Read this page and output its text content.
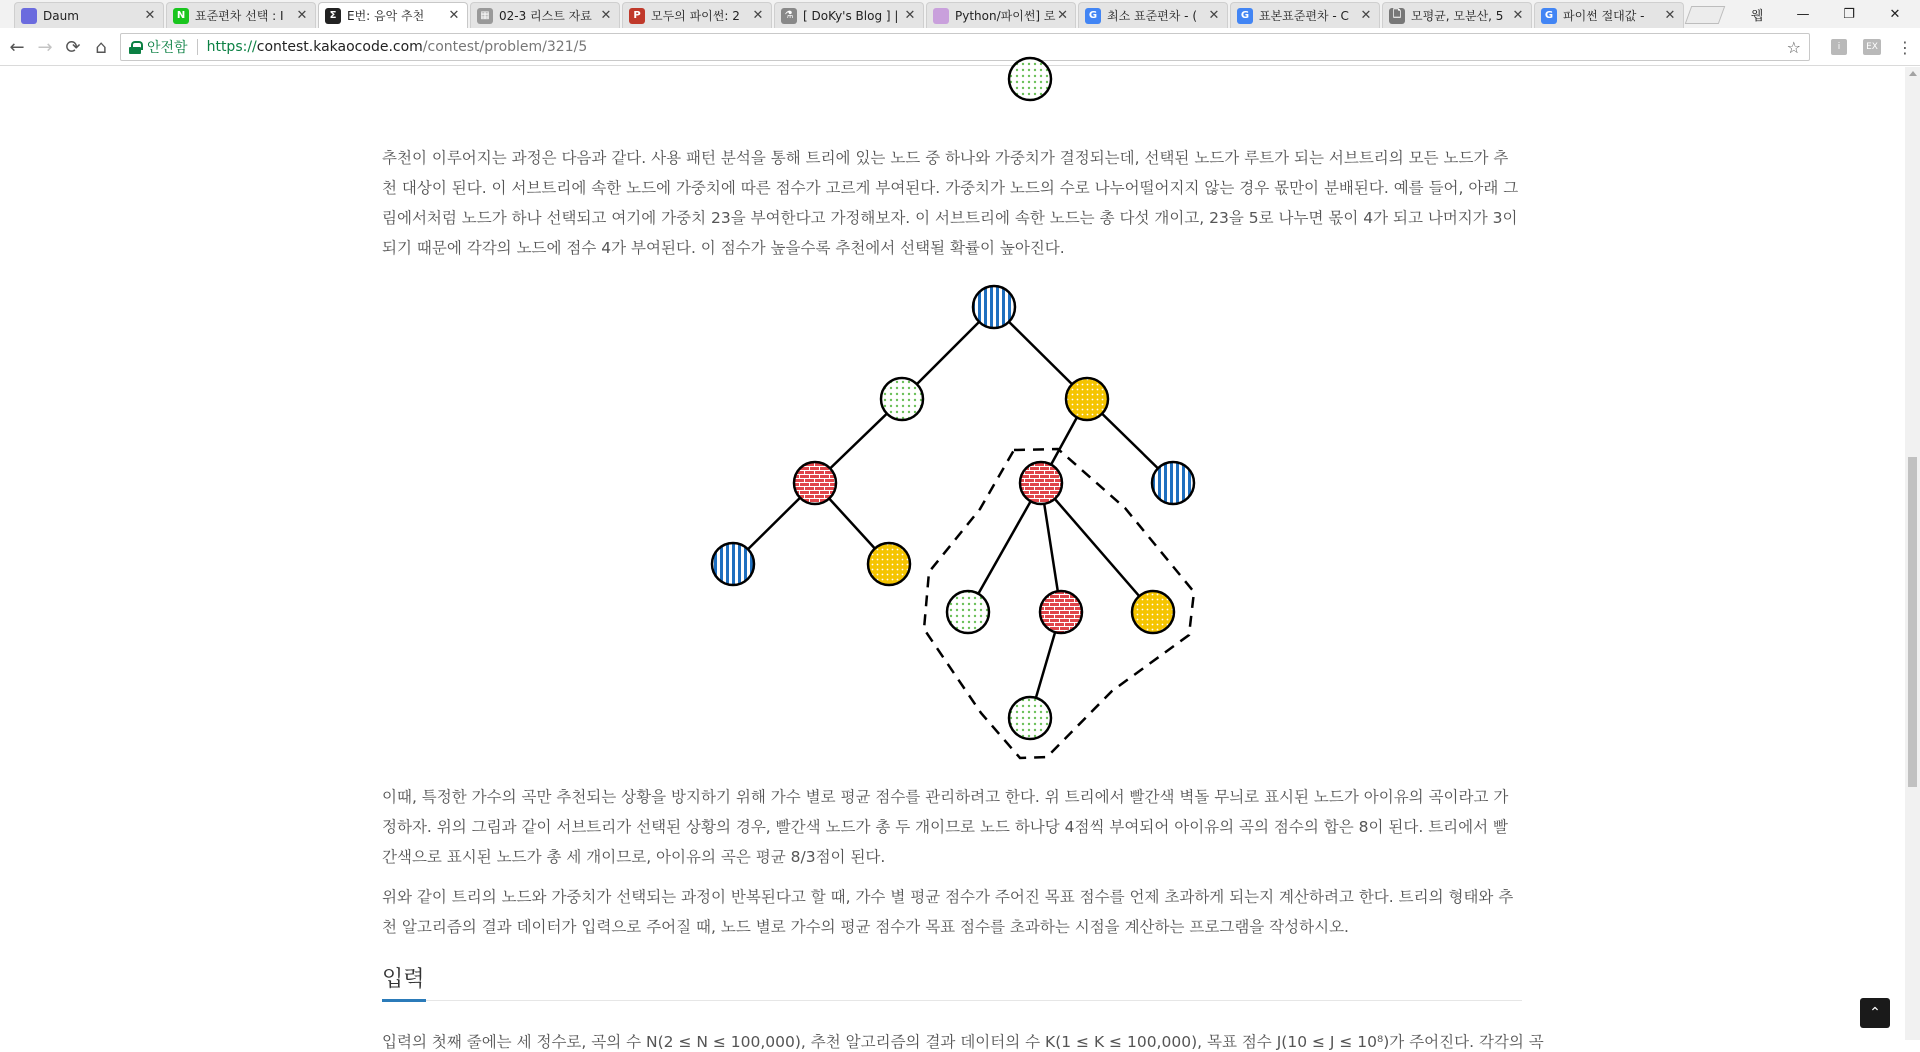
Daum	✕	N 표준편차 선택 : I ✕	Σ E번: 음악 추천	✕	▦ 02-3 리스트 자료 ✕	P 모두의 파이썬: 2 ✕	⚗ [ DoKy's Blog ] | ✕	Python/파이썬] 로 ✕	G 최소 표준편차 - ( ✕	G 표본표준편차 - C ✕	🗋 모평균, 모분산, 5 ✕	G 파이썬 절대값 -	✕	웹	—	❐	✕
← → ⟳ ⌂	안전함 https://contest.kakaocode.com/contest/problem/321/5	☆	i	EX ⋮

추천이 이루어지는 과정은 다음과 같다. 사용 패턴 분석을 통해 트리에 있는 노드 중 하나와 가중치가 결정되는데, 선택된 노드가 루트가 되는 서브트리의 모든 노드가 추천 대상이 된다. 이 서브트리에 속한 노드에 가중치에 따른 점수가 고르게 부여된다. 가중치가 노드의 수로 나누어떨어지지 않는 경우 몫만이 분배된다. 예를 들어, 아래 그림에서처럼 노드가 하나 선택되고 여기에 가중치 23을 부여한다고 가정해보자. 이 서브트리에 속한 노드는 총 다섯 개이고, 23을 5로 나누면 몫이 4가 되고 나머지가 3이 되기 때문에 각각의 노드에 점수 4가 부여된다. 이 점수가 높을수록 추천에서 선택될 확률이 높아진다.

이때, 특정한 가수의 곡만 추천되는 상황을 방지하기 위해 가수 별로 평균 점수를 관리하려고 한다. 위 트리에서 빨간색 벽돌 무늬로 표시된 노드가 아이유의 곡이라고 가정하자. 위의 그림과 같이 서브트리가 선택된 상황의 경우, 빨간색 노드가 총 두 개이므로 노드 하나당 4점씩 부여되어 아이유의 곡의 점수의 합은 8이 된다. 트리에서 빨간색으로 표시된 노드가 총 세 개이므로, 아이유의 곡은 평균 8/3점이 된다.

위와 같이 트리의 노드와 가중치가 선택되는 과정이 반복된다고 할 때, 가수 별 평균 점수가 주어진 목표 점수를 언제 초과하게 되는지 계산하려고 한다. 트리의 형태와 추천 알고리즘의 결과 데이터가 입력으로 주어질 때, 노드 별로 가수의 평균 점수가 목표 점수를 초과하는 시점을 계산하는 프로그램을 작성하시오.

입력
입력의 첫째 줄에는 세 정수로, 곡의 수 N(2 ≤ N ≤ 100,000), 추천 알고리즘의 결과 데이터의 수 K(1 ≤ K ≤ 100,000), 목표 점수 J(10 ≤ J ≤ 10⁸)가 주어진다. 각각의 곡
⌃
